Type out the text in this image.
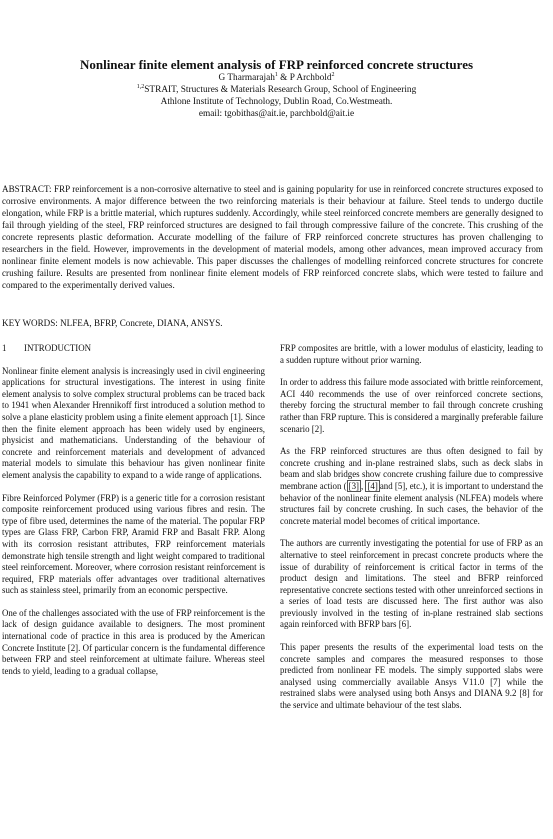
Nonlinear finite element analysis of FRP reinforced concrete structures
G Tharmarajah$^1$ & P Archbold$^2$
$^{1,2}$STRAIT, Structures & Materials Research Group, School of Engineering
Athlone Institute of Technology, Dublin Road, Co.Westmeath.
email: tgobithas@ait.ie, parchbold@ait.ie

ABSTRACT: FRP reinforcement is a non-corrosive alternative to steel and is gaining popularity for use in reinforced concrete structures exposed to corrosive environments. A major difference between the two reinforcing materials is their behaviour at failure. Steel tends to undergo ductile elongation, while FRP is a brittle material, which ruptures suddenly. Accordingly, while steel reinforced concrete members are generally designed to fail through yielding of the steel, FRP reinforced structures are designed to fail through compressive failure of the concrete. This crushing of the concrete represents plastic deformation. Accurate modelling of the failure of FRP reinforced concrete structures has proven challenging to researchers in the field. However, improvements in the development of material models, among other advances, mean improved accuracy from nonlinear finite element models is now achievable. This paper discusses the challenges of modelling reinforced concrete structures for concrete crushing failure. Results are presented from nonlinear finite element models of FRP reinforced concrete slabs, which were tested to failure and compared to the experimentally derived values.

KEY WORDS: NLFEA, BFRP, Concrete, DIANA, ANSYS.

1 INTRODUCTION

Nonlinear finite element analysis is increasingly used in civil engineering applications for structural investigations. The interest in using finite element analysis to solve complex structural problems can be traced back to 1941 when Alexander Hrennikoff first introduced a solution method to solve a plane elasticity problem using a finite element approach [1]. Since then the finite element approach has been widely used by engineers, physicist and mathematicians. Understanding of the behaviour of concrete and reinforcement materials and development of advanced material models to simulate this behaviour has given nonlinear finite element analysis the capability to expand to a wide range of applications.

Fibre Reinforced Polymer (FRP) is a generic title for a corrosion resistant composite reinforcement produced using various fibres and resin. The type of fibre used, determines the name of the material. The popular FRP types are Glass FRP, Carbon FRP, Aramid FRP and Basalt FRP. Along with its corrosion resistant attributes, FRP reinforcement materials demonstrate high tensile strength and light weight compared to traditional steel reinforcement. Moreover, where corrosion resistant reinforcement is required, FRP materials offer advantages over traditional alternatives such as stainless steel, primarily from an economic perspective.

One of the challenges associated with the use of FRP reinforcement is the lack of design guidance available to designers. The most prominent international code of practice in this area is produced by the American Concrete Institute [2]. Of particular concern is the fundamental difference between FRP and steel reinforcement at ultimate failure. Whereas steel tends to yield, leading to a gradual collapse,

FRP composites are brittle, with a lower modulus of elasticity, leading to a sudden rupture without prior warning.

In order to address this failure mode associated with brittle reinforcement, ACI 440 recommends the use of over reinforced concrete sections, thereby forcing the structural member to fail through concrete crushing rather than FRP rupture. This is considered a marginally preferable failure scenario [2].

As the FRP reinforced structures are thus often designed to fail by concrete crushing and in-plane restrained slabs, such as deck slabs in beam and slab bridges show concrete crushing failure due to compressive membrane action ( [3] , [4] and [5], etc.), it is important to understand the behavior of the nonlinear finite element analysis (NLFEA) models where structures fail by concrete crushing. In such cases, the behavior of the concrete material model becomes of critical importance.

The authors are currently investigating the potential for use of FRP as an alternative to steel reinforcement in precast concrete products where the issue of durability of reinforcement is critical factor in terms of the product design and limitations. The steel and BFRP reinforced representative concrete sections tested with other unreinforced sections in a series of load tests are discussed here. The first author was also previously involved in the testing of in-plane restrained slab sections again reinforced with BFRP bars [6].

This paper presents the results of the experimental load tests on the concrete samples and compares the measured responses to those predicted from nonlinear FE models. The simply supported slabs were analysed using commercially available Ansys V11.0 [7] while the restrained slabs were analysed using both Ansys and DIANA 9.2 [8] for the service and ultimate behaviour of the test slabs.
